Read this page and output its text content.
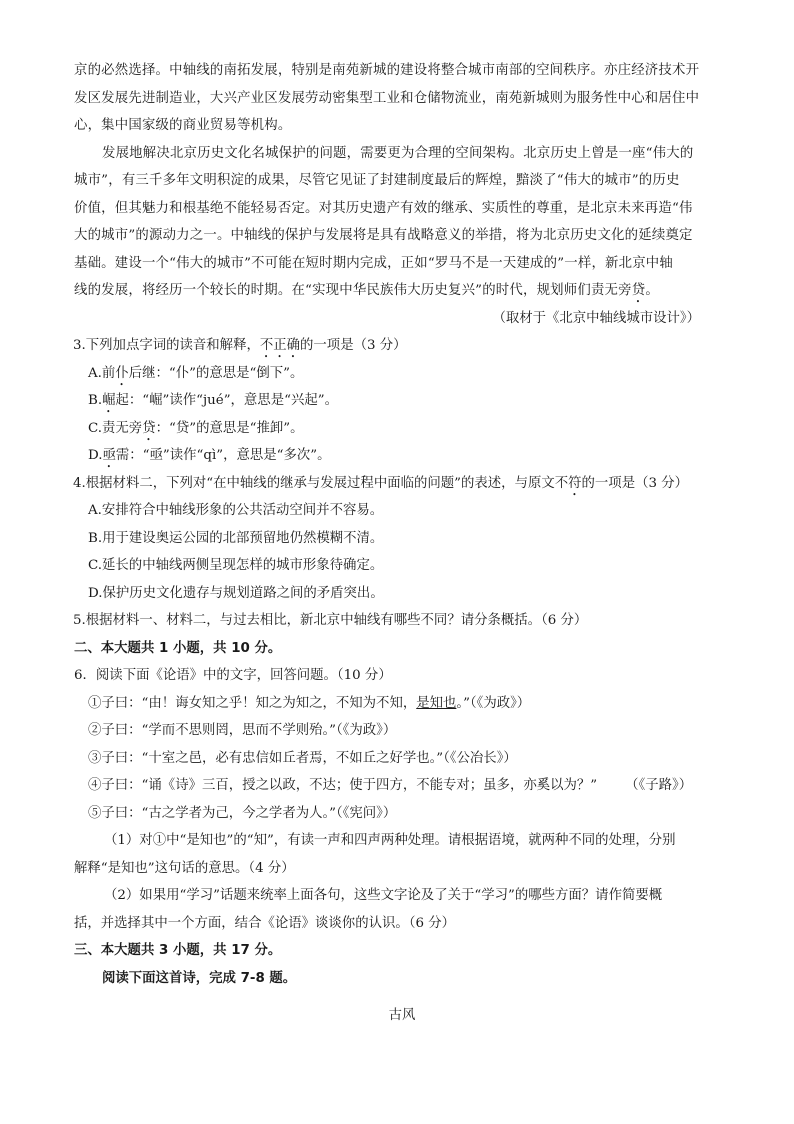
京的必然选择。中轴线的南拓发展，特别是南苑新城的建设将整合城市南部的空间秩序。亦庄经济技术开
发区发展先进制造业，大兴产业区发展劳动密集型工业和仓储物流业，南苑新城则为服务性中心和居住中
心，集中国家级的商业贸易等机构。
发展地解决北京历史文化名城保护的问题，需要更为合理的空间架构。北京历史上曾是一座“伟大的
城市”，有三千多年文明积淀的成果，尽管它见证了封建制度最后的辉煌，黯淡了“伟大的城市”的历史
价值，但其魅力和根基绝不能轻易否定。对其历史遗产有效的继承、实质性的尊重，是北京未来再造“伟
大的城市”的源动力之一。中轴线的保护与发展将是具有战略意义的举措，将为北京历史文化的延续奠定
基础。建设一个“伟大的城市”不可能在短时期内完成，正如“罗马不是一天建成的”一样，新北京中轴
线的发展，将经历一个较长的时期。在“实现中华民族伟大历史复兴”的时代，规划师们责无旁贷。
（取材于《北京中轴线城市设计》）
3.下列加点字词的读音和解释，不正确的一项是（3 分）
A.前仆后继：“仆”的意思是“倒下”。
B.崛起：“崛”读作“jué”，意思是“兴起”。
C.责无旁贷：“贷”的意思是“推卸”。
D.亟需：“亟”读作“qì”，意思是“多次”。
4.根据材料二，下列对“在中轴线的继承与发展过程中面临的问题”的表述，与原文不符的一项是（3 分）
A.安排符合中轴线形象的公共活动空间并不容易。
B.用于建设奥运公园的北部预留地仍然模糊不清。
C.延长的中轴线两侧呈现怎样的城市形象待确定。
D.保护历史文化遗存与规划道路之间的矛盾突出。
5.根据材料一、材料二，与过去相比，新北京中轴线有哪些不同？请分条概括。（6 分）
二、本大题共 1 小题，共 10 分。
6．阅读下面《论语》中的文字，回答问题。（10 分）
①子曰：“由！诲女知之乎！知之为知之，不知为不知，是知也。”（《为政》）
②子曰：“学而不思则罔，思而不学则殆。”（《为政》）
③子曰：“十室之邑，必有忠信如丘者焉，不如丘之好学也。”（《公冶长》）
④子曰：“诵《诗》三百，授之以政，不达；使于四方，不能专对；虽多，亦奚以为？” （《子路》）
⑤子曰：“古之学者为己，今之学者为人。”（《宪问》）
（1）对①中“是知也”的“知”，有读一声和四声两种处理。请根据语境，就两种不同的处理，分别
解释“是知也”这句话的意思。（4 分）
（2）如果用“学习”话题来统率上面各句，这些文字论及了关于“学习”的哪些方面？请作简要概
括，并选择其中一个方面，结合《论语》谈谈你的认识。（6 分）
三、本大题共 3 小题，共 17 分。
阅读下面这首诗，完成 7-8 题。
古风
